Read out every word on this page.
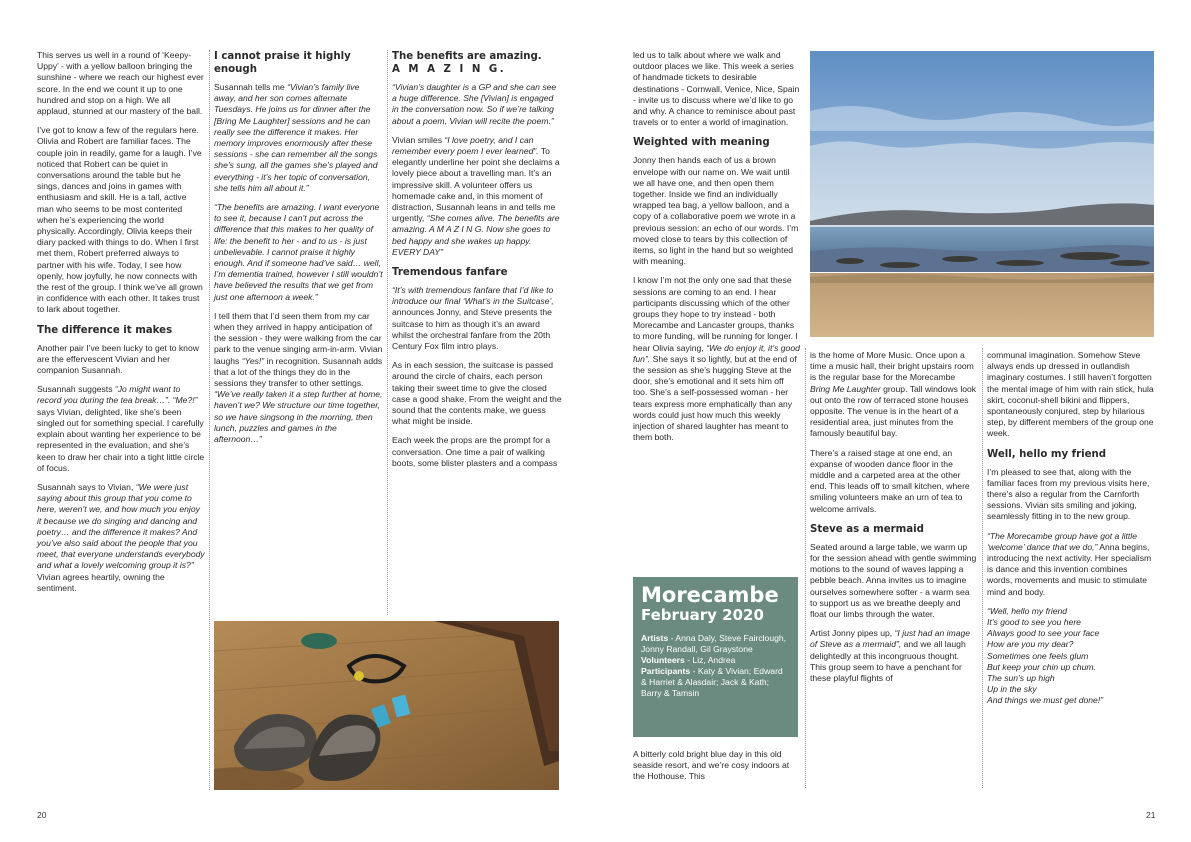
This serves us well in a round of ‘Keepy-Uppy’ - with a yellow balloon bringing the sunshine - where we reach our highest ever score. In the end we count it up to one hundred and stop on a high. We all applaud, stunned at our mastery of the ball.

I’ve got to know a few of the regulars here. Olivia and Robert are familiar faces. The couple join in readily, game for a laugh. I’ve noticed that Robert can be quiet in conversations around the table but he sings, dances and joins in games with enthusiasm and skill. He is a tall, active man who seems to be most contented when he’s experiencing the world physically. Accordingly, Olivia keeps their diary packed with things to do. When I first met them, Robert preferred always to partner with his wife. Today, I see how openly, how joyfully, he now connects with the rest of the group. I think we’ve all grown in confidence with each other. It takes trust to lark about together.

The difference it makes

Another pair I’ve been lucky to get to know are the effervescent Vivian and her companion Susannah.

Susannah suggests “Jo might want to record you during the tea break…”. “Me?!” says Vivian, delighted, like she’s been singled out for something special. I carefully explain about wanting her experience to be represented in the evaluation, and she’s keen to draw her chair into a tight little circle of focus.

Susannah says to Vivian, “We were just saying about this group that you come to here, weren’t we, and how much you enjoy it because we do singing and dancing and poetry… and the difference it makes? And you’ve also said about the people that you meet, that everyone understands everybody and what a lovely welcoming group it is?” Vivian agrees heartily, owning the sentiment.

I cannot praise it highly enough

Susannah tells me “Vivian’s family live away, and her son comes alternate Tuesdays. He joins us for dinner after the [Bring Me Laughter] sessions and he can really see the difference it makes. Her memory improves enormously after these sessions - she can remember all the songs she’s sung, all the games she’s played and everything - it’s her topic of conversation, she tells him all about it.”

“The benefits are amazing. I want everyone to see it, because I can’t put across the difference that this makes to her quality of life: the benefit to her - and to us - is just unbelievable. I cannot praise it highly enough. And if someone had’ve said… well, I’m dementia trained, however I still wouldn’t have believed the results that we get from just one afternoon a week.”

I tell them that I’d seen them from my car when they arrived in happy anticipation of the session - they were walking from the car park to the venue singing arm-in-arm. Vivian laughs “Yes!” in recognition. Susannah adds that a lot of the things they do in the sessions they transfer to other settings. “We’ve really taken it a step further at home, haven’t we? We structure our time together, so we have singsong in the morning, then lunch, puzzles and games in the afternoon…”

The benefits are amazing.
A M A Z I N G.

“Vivian’s daughter is a GP and she can see a huge difference. She [Vivian] is engaged in the conversation now. So if we’re talking about a poem, Vivian will recite the poem.”

Vivian smiles “I love poetry, and I can remember every poem I ever learned”. To elegantly underline her point she declaims a lovely piece about a travelling man. It’s an impressive skill. A volunteer offers us homemade cake and, in this moment of distraction, Susannah leans in and tells me urgently, “She comes alive. The benefits are amazing. A M A Z I N G. Now she goes to bed happy and she wakes up happy. EVERY DAY”

Tremendous fanfare

“It’s with tremendous fanfare that I’d like to introduce our final ‘What’s in the Suitcase’, announces Jonny, and Steve presents the suitcase to him as though it’s an award whilst the orchestral fanfare from the 20th Century Fox film intro plays.

As in each session, the suitcase is passed around the circle of chairs, each person taking their sweet time to give the closed case a good shake. From the weight and the sound that the contents make, we guess what might be inside.

Each week the props are the prompt for a conversation. One time a pair of walking boots, some blister plasters and a compass

20

led us to talk about where we walk and outdoor places we like. This week a series of handmade tickets to desirable destinations - Cornwall, Venice, Nice, Spain - invite us to discuss where we’d like to go and why. A chance to reminisce about past travels or to enter a world of imagination.

Weighted with meaning

Jonny then hands each of us a brown envelope with our name on. We wait until we all have one, and then open them together. Inside we find an individually wrapped tea bag, a yellow balloon, and a copy of a collaborative poem we wrote in a previous session: an echo of our words. I’m moved close to tears by this collection of items, so light in the hand but so weighted with meaning.

I know I’m not the only one sad that these sessions are coming to an end. I hear participants discussing which of the other groups they hope to try instead - both Morecambe and Lancaster groups, thanks to more funding, will be running for longer. I hear Olivia saying, “We do enjoy it, it’s good fun”. She says it so lightly, but at the end of the session as she’s hugging Steve at the door, she’s emotional and it sets him off too. She’s a self-possessed woman - her tears express more emphatically than any words could just how much this weekly injection of shared laughter has meant to them both.

Morecambe
February 2020

Artists - Anna Daly, Steve Fairclough, Jonny Randall, Gil Graystone

Volunteers - Liz, Andrea

Participants - Katy & Vivian; Edward & Harriet & Alasdair; Jack & Kath; Barry & Tamsin

A bitterly cold bright blue day in this old seaside resort, and we’re cosy indoors at the Hothouse. This

is the home of More Music. Once upon a time a music hall, their bright upstairs room is the regular base for the Morecambe Bring Me Laughter group. Tall windows look out onto the row of terraced stone houses opposite. The venue is in the heart of a residential area, just minutes from the famously beautiful bay.

There’s a raised stage at one end, an expanse of wooden dance floor in the middle and a carpeted area at the other end. This leads off to small kitchen, where smiling volunteers make an urn of tea to welcome arrivals.

Steve as a mermaid

Seated around a large table, we warm up for the session ahead with gentle swimming motions to the sound of waves lapping a pebble beach. Anna invites us to imagine ourselves somewhere softer - a warm sea to support us as we breathe deeply and float our limbs through the water.

Artist Jonny pipes up, “I just had an image of Steve as a mermaid”, and we all laugh delightedly at this incongruous thought. This group seem to have a penchant for these playful flights of

communal imagination. Somehow Steve always ends up dressed in outlandish imaginary costumes. I still haven’t forgotten the mental image of him with rain stick, hula skirt, coconut-shell bikini and flippers, spontaneously conjured, step by hilarious step, by different members of the group one week.

Well, hello my friend

I’m pleased to see that, along with the familiar faces from my previous visits here, there’s also a regular from the Carnforth sessions. Vivian sits smiling and joking, seamlessly fitting in to the new group.

“The Morecambe group have got a little ‘welcome’ dance that we do,” Anna begins, introducing the next activity. Her specialism is dance and this invention combines words, movements and music to stimulate mind and body.

“Well, hello my friend
It’s good to see you here
Always good to see your face
How are you my dear?
Sometimes one feels glum
But keep your chin up chum.
The sun’s up high
Up in the sky
And things we must get done!”

21
